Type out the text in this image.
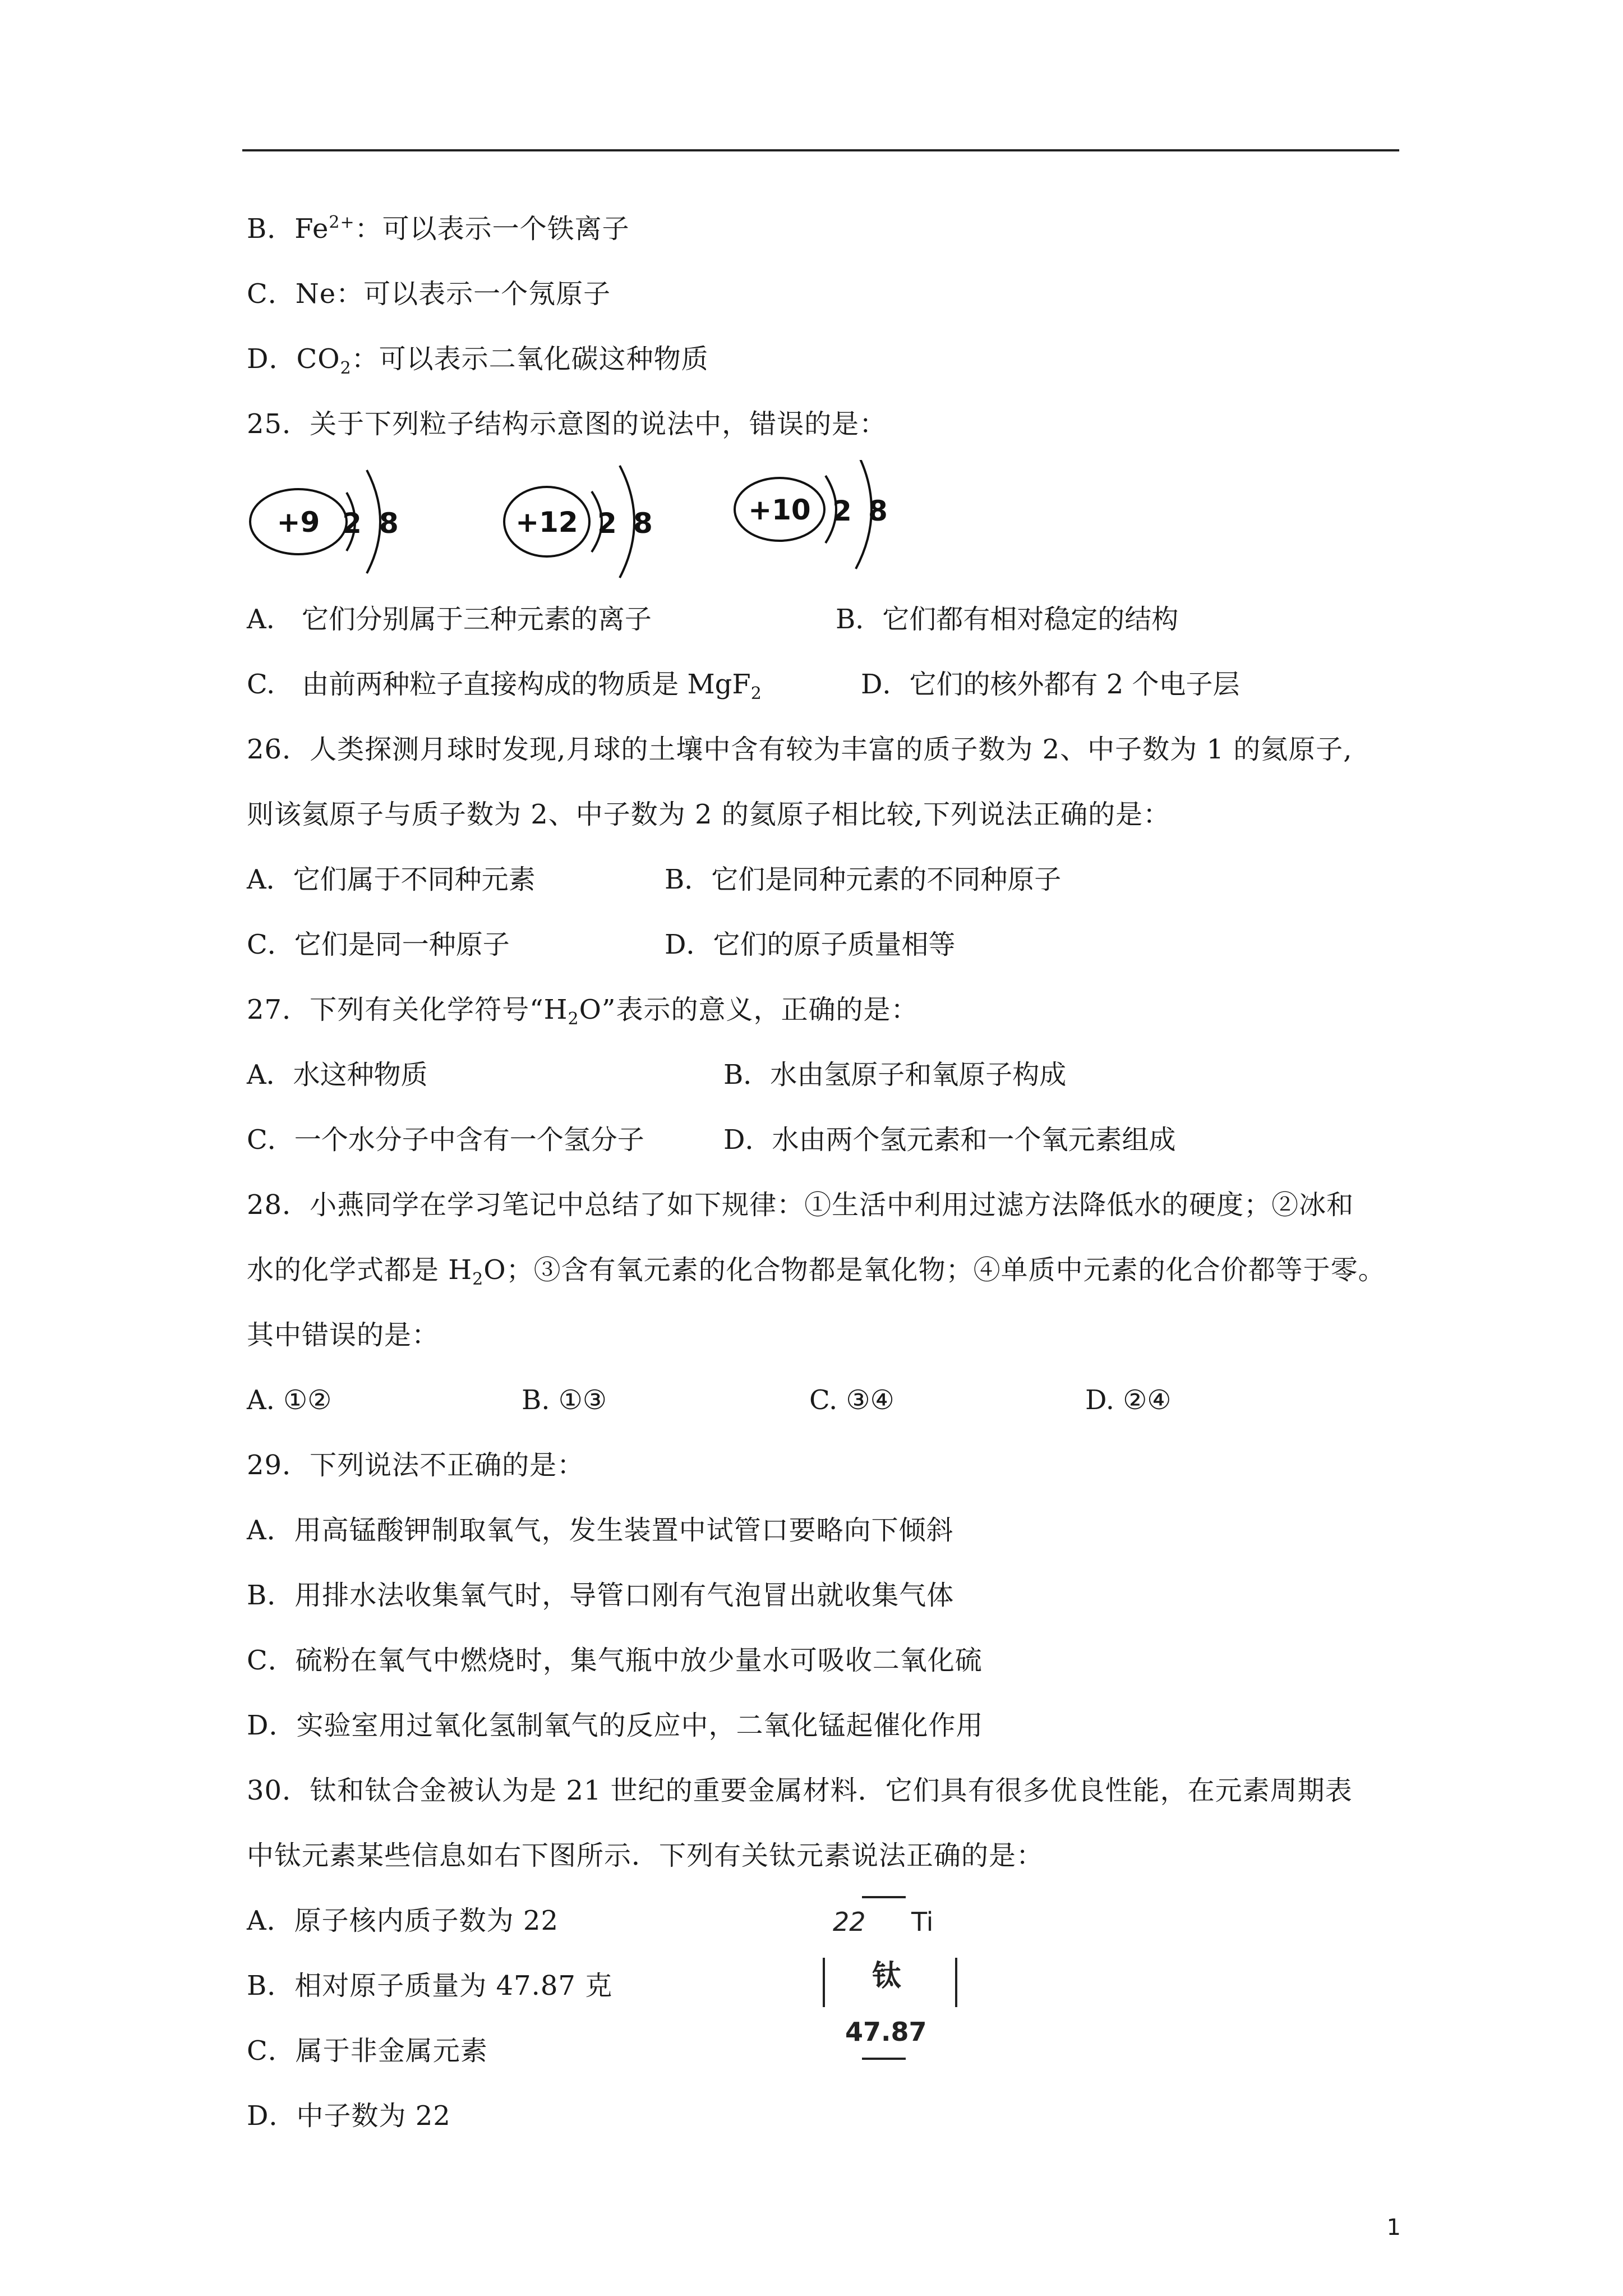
B．$Fe^{2+}$：可以表示一个铁离子
C．Ne：可以表示一个氖原子
D．$CO_2$：可以表示二氧化碳这种物质
25．关于下列粒子结构示意图的说法中，错误的是：
+9 2 8	+12 2 8	+10 2 8
A.　它们分别属于三种元素的离子	B．它们都有相对稳定的结构
C.　由前两种粒子直接构成的物质是 MgF$_2$	D．它们的核外都有 2 个电子层
26．人类探测月球时发现,月球的土壤中含有较为丰富的质子数为 2、中子数为 1 的氦原子,
则该氦原子与质子数为 2、中子数为 2 的氦原子相比较,下列说法正确的是：
A．它们属于不同种元素	B．它们是同种元素的不同种原子
C．它们是同一种原子	D．它们的原子质量相等
27．下列有关化学符号“$H_2O$”表示的意义，正确的是：
A．水这种物质	B．水由氢原子和氧原子构成
C．一个水分子中含有一个氢分子	D．水由两个氢元素和一个氧元素组成
28．小燕同学在学习笔记中总结了如下规律：①生活中利用过滤方法降低水的硬度；②冰和
水的化学式都是 $H_2O$；③含有氧元素的化合物都是氧化物；④单质中元素的化合价都等于零。
其中错误的是：
A. ①②	B. ①③	C. ③④	D. ②④
29．下列说法不正确的是：
A．用高锰酸钾制取氧气，发生装置中试管口要略向下倾斜
B．用排水法收集氧气时，导管口刚有气泡冒出就收集气体
C．硫粉在氧气中燃烧时，集气瓶中放少量水可吸收二氧化硫
D．实验室用过氧化氢制氧气的反应中，二氧化锰起催化作用
30．钛和钛合金被认为是 21 世纪的重要金属材料．它们具有很多优良性能，在元素周期表
中钛元素某些信息如右下图所示．下列有关钛元素说法正确的是：
A．原子核内质子数为 22
B．相对原子质量为 47.87 克
C．属于非金属元素
D．中子数为 22
22 Ti
钛
47.87
1
